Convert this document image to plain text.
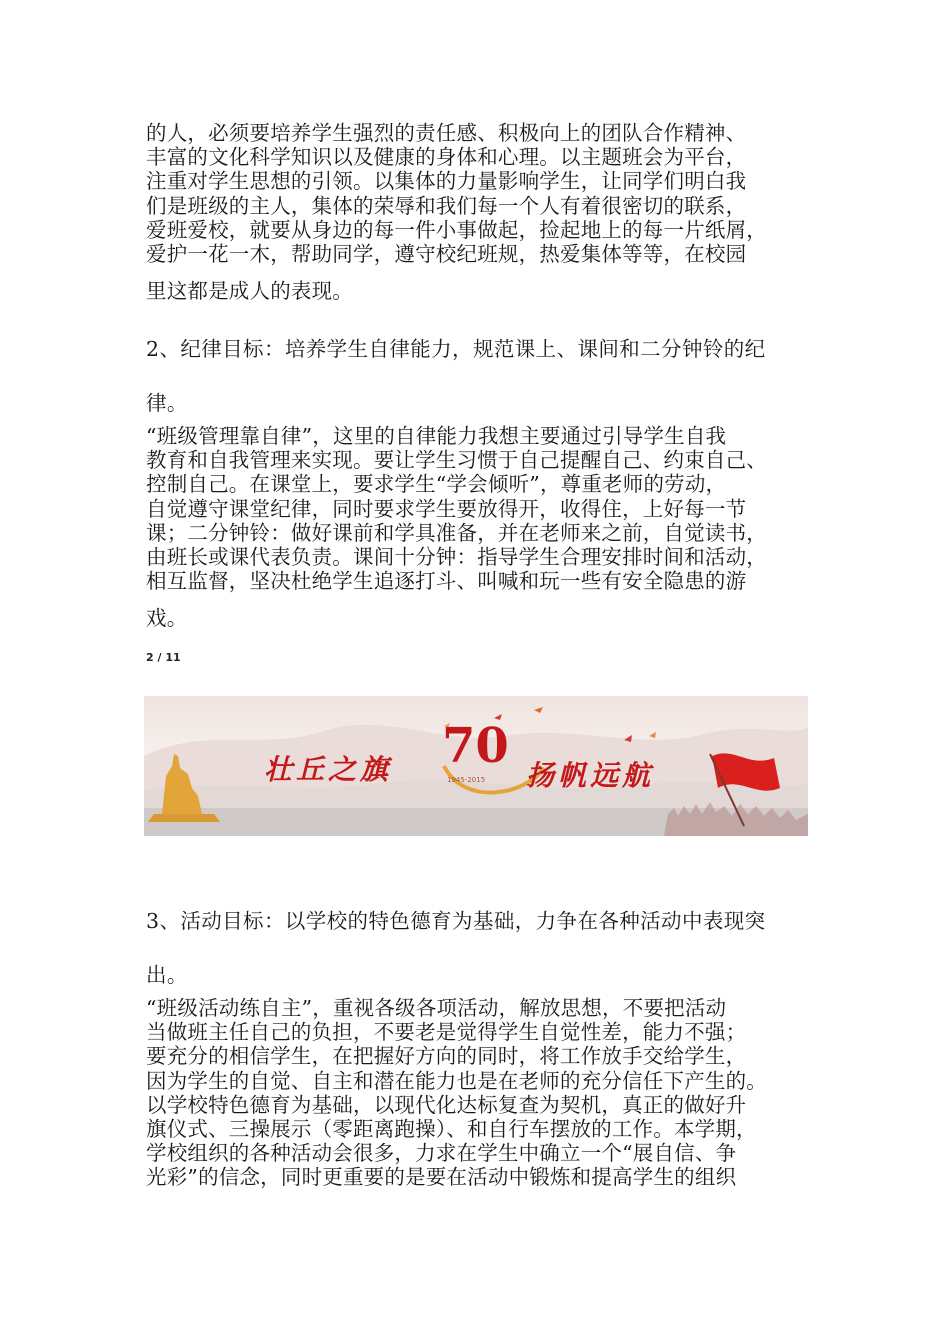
的人，必须要培养学生强烈的责任感、积极向上的团队合作精神、
丰富的文化科学知识以及健康的身体和心理。以主题班会为平台，
注重对学生思想的引领。以集体的力量影响学生，让同学们明白我
们是班级的主人，集体的荣辱和我们每一个人有着很密切的联系，
爱班爱校，就要从身边的每一件小事做起，捡起地上的每一片纸屑，
爱护一花一木，帮助同学，遵守校纪班规，热爱集体等等，在校园
里这都是成人的表现。

2、纪律目标：培养学生自律能力，规范课上、课间和二分钟铃的纪
律。

“班级管理靠自律”，这里的自律能力我想主要通过引导学生自我
教育和自我管理来实现。要让学生习惯于自己提醒自己、约束自己、
控制自己。在课堂上，要求学生“学会倾听”，尊重老师的劳动，
自觉遵守课堂纪律，同时要求学生要放得开，收得住，上好每一节
课；二分钟铃：做好课前和学具准备，并在老师来之前，自觉读书，
由班长或课代表负责。课间十分钟：指导学生合理安排时间和活动，
相互监督，坚决杜绝学生追逐打斗、叫喊和玩一些有安全隐患的游
戏。

2 / 11

3、活动目标：以学校的特色德育为基础，力争在各种活动中表现突
出。

“班级活动练自主”，重视各级各项活动，解放思想，不要把活动
当做班主任自己的负担，不要老是觉得学生自觉性差，能力不强；
要充分的相信学生，在把握好方向的同时，将工作放手交给学生，
因为学生的自觉、自主和潜在能力也是在老师的充分信任下产生的。
以学校特色德育为基础，以现代化达标复查为契机，真正的做好升
旗仪式、三操展示（零距离跑操）、和自行车摆放的工作。本学期，
学校组织的各种活动会很多，力求在学生中确立一个“展自信、争
光彩”的信念，同时更重要的是要在活动中锻炼和提高学生的组织

壮丘之旗 70
1945-2015 扬帆远航
